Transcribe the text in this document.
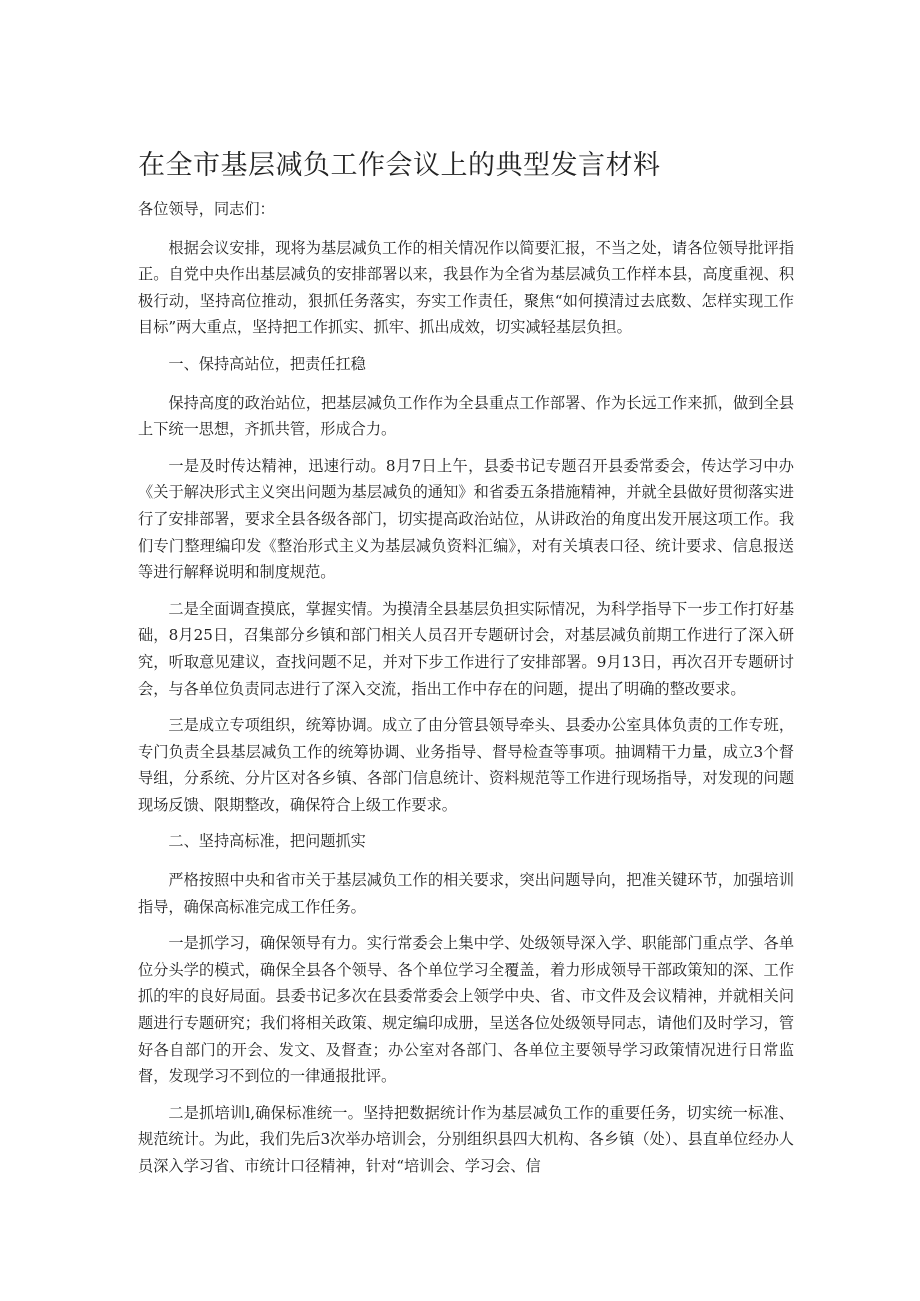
在全市基层减负工作会议上的典型发言材料

各位领导，同志们：

根据会议安排，现将为基层减负工作的相关情况作以简要汇报，不当之处，请各位领导批评指正。自党中央作出基层减负的安排部署以来，我县作为全省为基层减负工作样本县，高度重视、积极行动，坚持高位推动，狠抓任务落实，夯实工作责任，聚焦“如何摸清过去底数、怎样实现工作目标”两大重点，坚持把工作抓实、抓牢、抓出成效，切实减轻基层负担。

一、保持高站位，把责任扛稳

保持高度的政治站位，把基层减负工作作为全县重点工作部署、作为长远工作来抓，做到全县上下统一思想，齐抓共管，形成合力。

一是及时传达精神，迅速行动。8月7日上午，县委书记专题召开县委常委会，传达学习中办《关于解决形式主义突出问题为基层减负的通知》和省委五条措施精神，并就全县做好贯彻落实进行了安排部署，要求全县各级各部门，切实提高政治站位，从讲政治的角度出发开展这项工作。我们专门整理编印发《整治形式主义为基层减负资料汇编》，对有关填表口径、统计要求、信息报送等进行解释说明和制度规范。

二是全面调查摸底，掌握实情。为摸清全县基层负担实际情况，为科学指导下一步工作打好基础，8月25日，召集部分乡镇和部门相关人员召开专题研讨会，对基层减负前期工作进行了深入研究，听取意见建议，查找问题不足，并对下步工作进行了安排部署。9月13日，再次召开专题研讨会，与各单位负责同志进行了深入交流，指出工作中存在的问题，提出了明确的整改要求。

三是成立专项组织，统筹协调。成立了由分管县领导牵头、县委办公室具体负责的工作专班，专门负责全县基层减负工作的统筹协调、业务指导、督导检查等事项。抽调精干力量，成立3个督导组，分系统、分片区对各乡镇、各部门信息统计、资料规范等工作进行现场指导，对发现的问题现场反馈、限期整改，确保符合上级工作要求。

二、坚持高标准，把问题抓实

严格按照中央和省市关于基层减负工作的相关要求，突出问题导向，把准关键环节，加强培训指导，确保高标准完成工作任务。

一是抓学习，确保领导有力。实行常委会上集中学、处级领导深入学、职能部门重点学、各单位分头学的模式，确保全县各个领导、各个单位学习全覆盖，着力形成领导干部政策知的深、工作抓的牢的良好局面。县委书记多次在县委常委会上领学中央、省、市文件及会议精神，并就相关问题进行专题研究；我们将相关政策、规定编印成册，呈送各位处级领导同志，请他们及时学习，管好各自部门的开会、发文、及督查；办公室对各部门、各单位主要领导学习政策情况进行日常监督，发现学习不到位的一律通报批评。

二是抓培训l,确保标准统一。坚持把数据统计作为基层减负工作的重要任务，切实统一标准、规范统计。为此，我们先后3次举办培训会，分别组织县四大机构、各乡镇（处）、县直单位经办人员深入学习省、市统计口径精神，针对“培训会、学习会、信
